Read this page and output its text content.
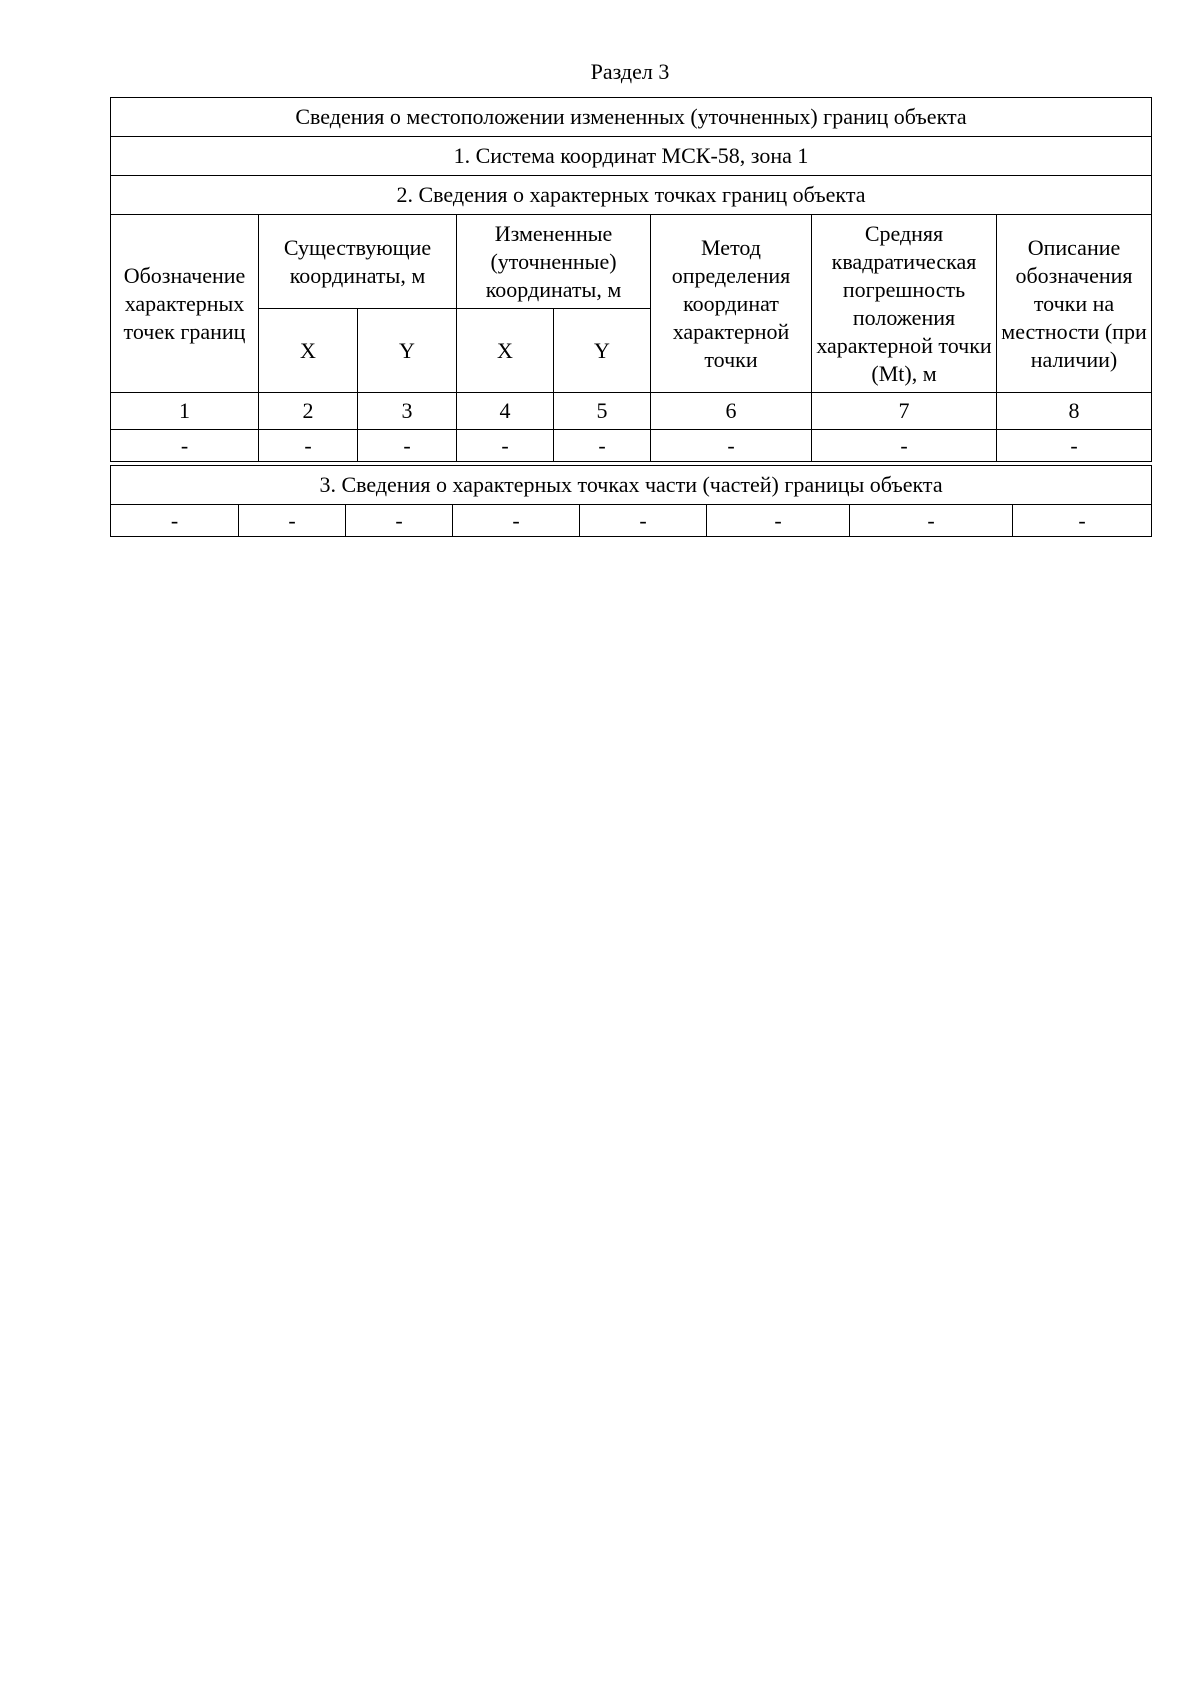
Раздел 3
Сведения о местоположении измененных (уточненных) границ объекта							
1. Система координат МСК-58, зона 1							
2. Сведения о характерных точках границ объекта							
Обозначение характерных точек границ	Существующие координаты, м		Измененные (уточненные) координаты, м		Метод определения координат характерной точки	Средняя квадратическая погрешность положения характерной точки (Mt), м	Описание обозначения точки на местности (при наличии)
	X	Y	X	Y			
1	2	3	4	5	6	7	8
-	-	-	-	-	-	-	-
3. Сведения о характерных точках части (частей) границы объекта
-	-	-	-	-	-	-	-
